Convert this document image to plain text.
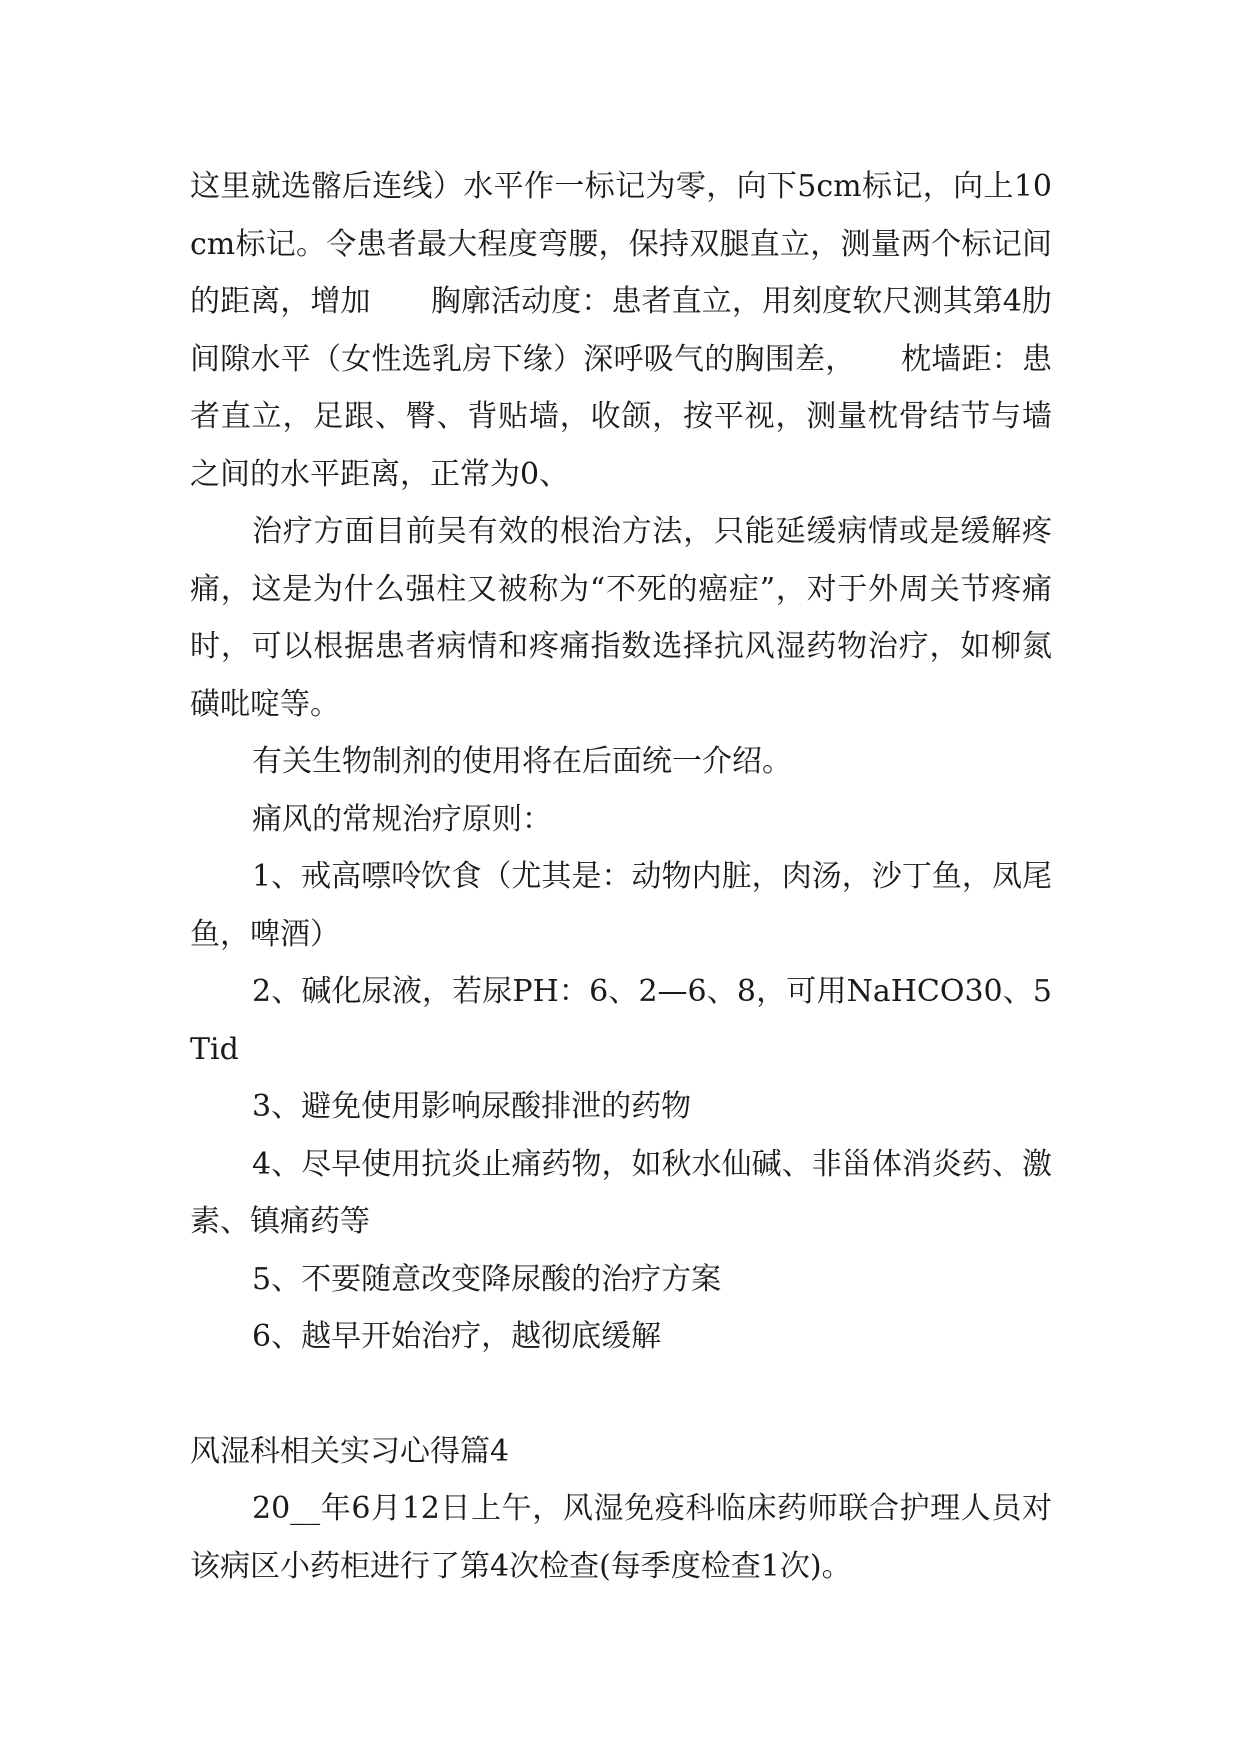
这里就选髂后连线）水平作一标记为零，向下5cm标记，向上10cm标记。令患者最大程度弯腰，保持双腿直立，测量两个标记间的距离，增加　　胸廓活动度：患者直立，用刻度软尺测其第4肋间隙水平（女性选乳房下缘）深呼吸气的胸围差，　　枕墙距：患者直立，足跟、臀、背贴墙，收颌，按平视，测量枕骨结节与墙之间的水平距离，正常为0、

治疗方面目前吴有效的根治方法，只能延缓病情或是缓解疼痛，这是为什么强柱又被称为“不死的癌症”，对于外周关节疼痛时，可以根据患者病情和疼痛指数选择抗风湿药物治疗，如柳氮磺吡啶等。

有关生物制剂的使用将在后面统一介绍。

痛风的常规治疗原则：

1、戒高嘌呤饮食（尤其是：动物内脏，肉汤，沙丁鱼，凤尾鱼，啤酒）

2、碱化尿液，若尿PH：6、2—6、8，可用NaHCO30、5Tid

3、避免使用影响尿酸排泄的药物

4、尽早使用抗炎止痛药物，如秋水仙碱、非甾体消炎药、激素、镇痛药等

5、不要随意改变降尿酸的治疗方案

6、越早开始治疗，越彻底缓解

风湿科相关实习心得篇4

20__年6月12日上午，风湿免疫科临床药师联合护理人员对该病区小药柜进行了第4次检查(每季度检查1次)。
